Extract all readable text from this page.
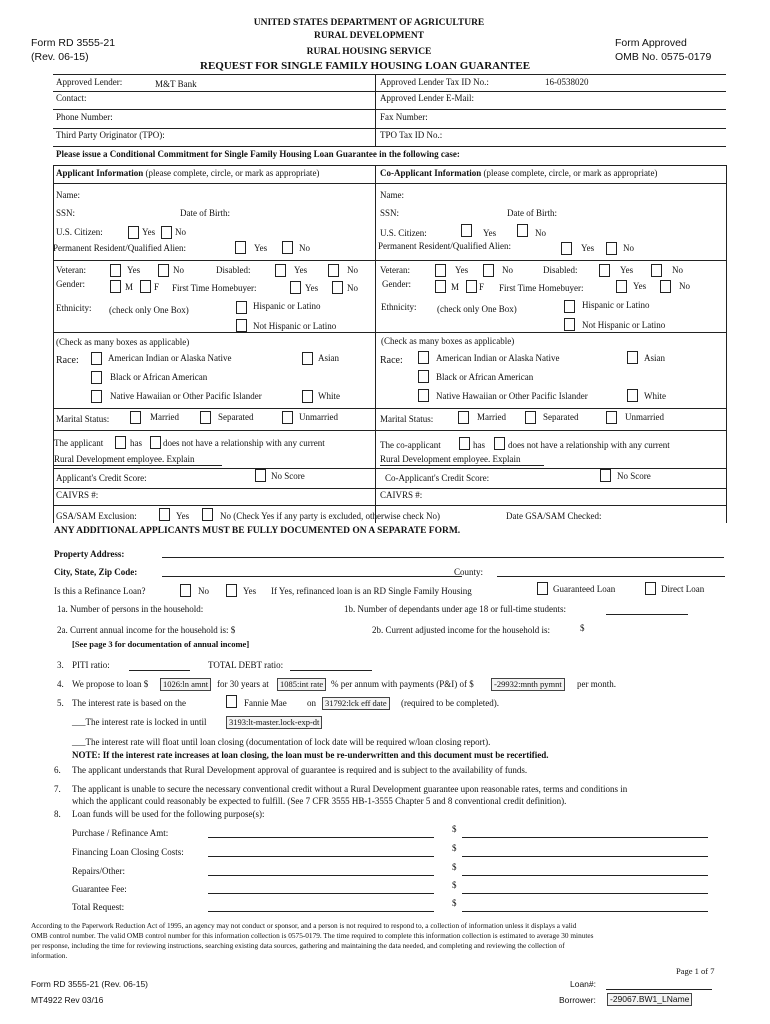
Form RD 3555-21
(Rev. 06-15)
UNITED STATES DEPARTMENT OF AGRICULTURE
RURAL DEVELOPMENT
RURAL HOUSING SERVICE
REQUEST FOR SINGLE FAMILY HOUSING LOAN GUARANTEE
Form Approved
OMB No. 0575-0179
Approved Lender:	M&T Bank	Approved Lender Tax ID No.:	16-0538020
Contact:	Approved Lender E-Mail:
Phone Number:	Fax Number:
Third Party Originator (TPO):	TPO Tax ID No.:
Please issue a Conditional Commitment for Single Family Housing Loan Guarantee in the following case:
Applicant Information (please complete, circle, or mark as appropriate)	Co-Applicant Information (please complete, circle, or mark as appropriate)
Name:
SSN:	Date of Birth:
U.S. Citizen:	Yes No
Permanent Resident/Qualified Alien:	Yes	No
Veteran:	Yes	No	Disabled:	Yes	No
Gender:	M F First Time Homebuyer:	Yes	No
Ethnicity: (check only One Box)	Hispanic or Latino
Not Hispanic or Latino
(Check as many boxes as applicable)
Race:	American Indian or Alaska Native	Asian
Black or African American
Native Hawaiian or Other Pacific Islander	White
Marital Status:	Married	Separated	Unmarried
The applicant	has does not have a relationship with any current
Rural Development employee. Explain
Applicant's Credit Score:	No Score
CAIVRS #:
Name:
SSN:	Date of Birth:
U.S. Citizen:	Yes	No
Permanent Resident/Qualified Alien:	Yes	No
Veteran:	Yes	No	Disabled:	Yes	No
Gender:	M F First Time Homebuyer:	Yes	No
Ethnicity: (check only One Box)	Hispanic or Latino
Not Hispanic or Latino
(Check as many boxes as applicable)
Race:	American Indian or Alaska Native	Asian
Black or African American
Native Hawaiian or Other Pacific Islander	White
Marital Status:	Married	Separated	Unmarried
The co-applicant	has	does not have a relationship with any current
Rural Development employee. Explain
Co-Applicant's Credit Score:	No Score
CAIVRS #:
GSA/SAM Exclusion:	Yes	No (Check Yes if any party is excluded, otherwise check No)	Date GSA/SAM Checked:
ANY ADDITIONAL APPLICANTS MUST BE FULLY DOCUMENTED ON A SEPARATE FORM.
Property Address:
City, State, Zip Code:	County:
Is this a Refinance Loan?	No	Yes If Yes, refinanced loan is an RD Single Family Housing	Guaranteed Loan	Direct Loan
1a. Number of persons in the household:	1b. Number of dependants under age 18 or full-time students:
2a. Current annual income for the household is: $
[See page 3 for documentation of annual income]
2b. Current adjusted income for the household is:	$
3. PITI ratio:	TOTAL DEBT ratio:
4. We propose to loan $	1026:ln amnt for 30 years at	1085:int rate % per annum with payments (P&I) of $	-29932:mnth pymnt	per month.
5. The interest rate is based on the	Fannie Mae on	31792:lck eff date	(required to be completed).
___The interest rate is locked in until	3193:lt-master.lock-exp-dt
___The interest rate will float until loan closing (documentation of lock date will be required w/loan closing report).
NOTE: If the interest rate increases at loan closing, the loan must be re-underwritten and this document must be recertified.
6. The applicant understands that Rural Development approval of guarantee is required and is subject to the availability of funds.
7. The applicant is unable to secure the necessary conventional credit without a Rural Development guarantee upon reasonable rates, terms and conditions in
which the applicant could reasonably be expected to fulfill. (See 7 CFR 3555 HB-1-3555 Chapter 5 and 8 conventional credit definition).
8. Loan funds will be used for the following purpose(s):
Purchase / Refinance Amt:	$
Financing Loan Closing Costs:	$
Repairs/Other:	$
Guarantee Fee:	$
Total Request:	$
According to the Paperwork Reduction Act of 1995, an agency may not conduct or sponsor, and a person is not required to respond to, a collection of information unless it displays a valid
OMB control number. The valid OMB control number for this information collection is 0575-0179. The time required to complete this information collection is estimated to average 30 minutes
per response, including the time for reviewing instructions, searching existing data sources, gathering and maintaining the data needed, and completing and reviewing the collection of
information.
Page 1 of 7
Form RD 3555-21 (Rev. 06-15)
MT4922 Rev 03/16
Loan#:
Borrower:	-29067.BW1_LName
